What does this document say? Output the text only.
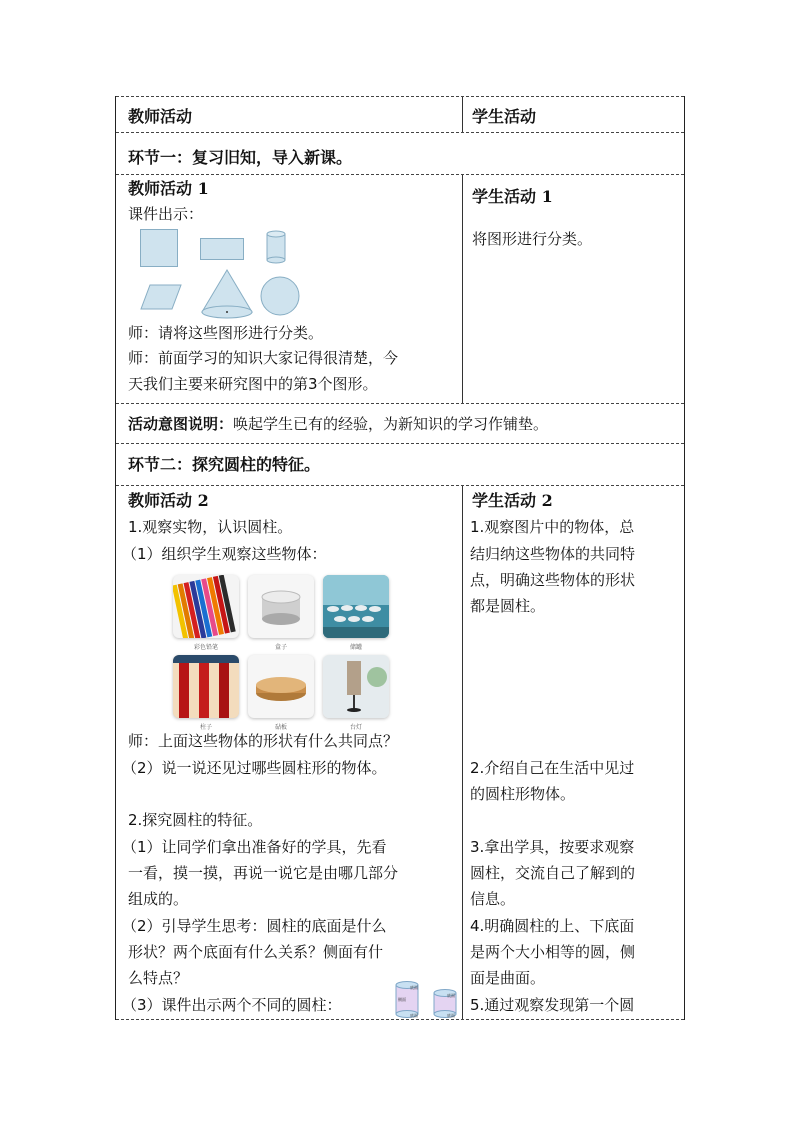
教师活动	学生活动
环节一：复习旧知，导入新课。
教师活动 1
课件出示：
师：请将这些图形进行分类。
师：前面学习的知识大家记得很清楚，今
天我们主要来研究图中的第3个图形。
学生活动 1
将图形进行分类。
活动意图说明：唤起学生已有的经验，为新知识的学习作铺垫。
环节二：探究圆柱的特征。
教师活动 2
1.观察实物，认识圆柱。
（1）组织学生观察这些物体：
彩色铅笔	盒子	储罐
柱子	砧板	台灯
师：上面这些物体的形状有什么共同点？
（2）说一说还见过哪些圆柱形的物体。
2.探究圆柱的特征。
（1）让同学们拿出准备好的学具，先看
一看，摸一摸，再说一说它是由哪几部分
组成的。
（2）引导学生思考：圆柱的底面是什么
形状？两个底面有什么关系？侧面有什
么特点？
（3）课件出示两个不同的圆柱：
底面
侧面
底面
底面
底面
学生活动 2
1.观察图片中的物体，总
结归纳这些物体的共同特
点，明确这些物体的形状
都是圆柱。
2.介绍自己在生活中见过
的圆柱形物体。
3.拿出学具，按要求观察
圆柱，交流自己了解到的
信息。
4.明确圆柱的上、下底面
是两个大小相等的圆，侧
面是曲面。
5.通过观察发现第一个圆
